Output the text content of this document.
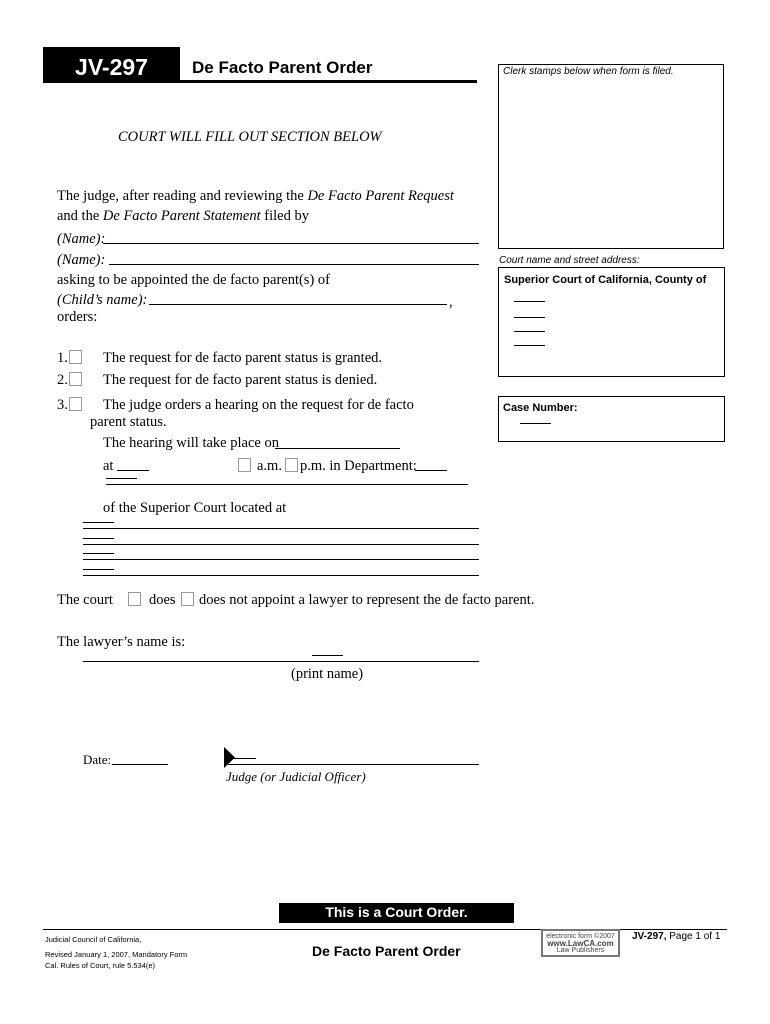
JV-297	De Facto Parent Order	Clerk stamps below when form is filed.
Court name and street address:
Superior Court of California, County of
Case Number:
COURT WILL FILL OUT SECTION BELOW
The judge, after reading and reviewing the De Facto Parent Request
and the De Facto Parent Statement filed by
(Name):
(Name):
asking to be appointed the de facto parent(s) of
(Child’s name):	,
orders:
1. The request for de facto parent status is granted.
2. The request for de facto parent status is denied.
3. The judge orders a hearing on the request for de facto
parent status.
The hearing will take place on
at	a.m. p.m. in Department:
of the Superior Court located at
The court does does not appoint a lawyer to represent the de facto parent.
The lawyer’s name is:
(print name)
Date:
Judge (or Judicial Officer)
This is a Court Order.
Judicial Council of California,
Revised January 1, 2007, Mandatory Form
Cal. Rules of Court, rule 5.534(e)
De Facto Parent Order
electronic form ©2007
www.LawCA.com
Law Publishers
JV-297, Page 1 of 1
